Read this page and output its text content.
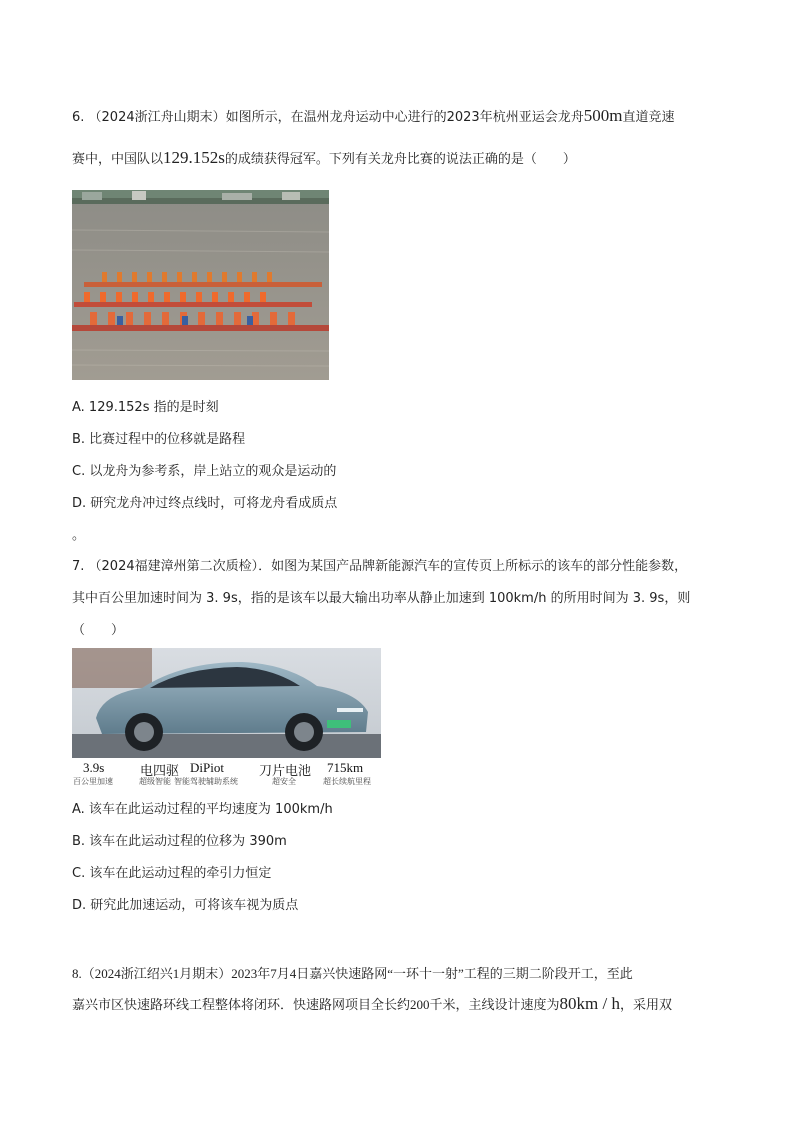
6. （2024浙江舟山期末）如图所示，在温州龙舟运动中心进行的2023年杭州亚运会龙舟500m直道竞速
赛中，中国队以129.152s的成绩获得冠军。下列有关龙舟比赛的说法正确的是（　　）
A. 129.152s 指的是时刻
B. 比赛过程中的位移就是路程
C. 以龙舟为参考系，岸上站立的观众是运动的
D. 研究龙舟冲过终点线时，可将龙舟看成质点
。
7. （2024福建漳州第二次质检）．如图为某国产品牌新能源汽车的宣传页上所标示的该车的部分性能参数，
其中百公里加速时间为 3. 9s，指的是该车以最大输出功率从静止加速到 100km/h 的所用时间为 3. 9s，则
（　　）
3.9s
百公里加速
电四驱
超级智能
DiPiot
智能驾驶辅助系统
刀片电池
超安全
715km
超长续航里程
A. 该车在此运动过程的平均速度为 100km/h
B. 该车在此运动过程的位移为 390m
C. 该车在此运动过程的牵引力恒定
D. 研究此加速运动，可将该车视为质点
8.（2024浙江绍兴1月期末）2023年7月4日嘉兴快速路网“一环十一射”工程的三期二阶段开工，至此
嘉兴市区快速路环线工程整体将闭环．快速路网项目全长约200千米，主线设计速度为80km / h，采用双
